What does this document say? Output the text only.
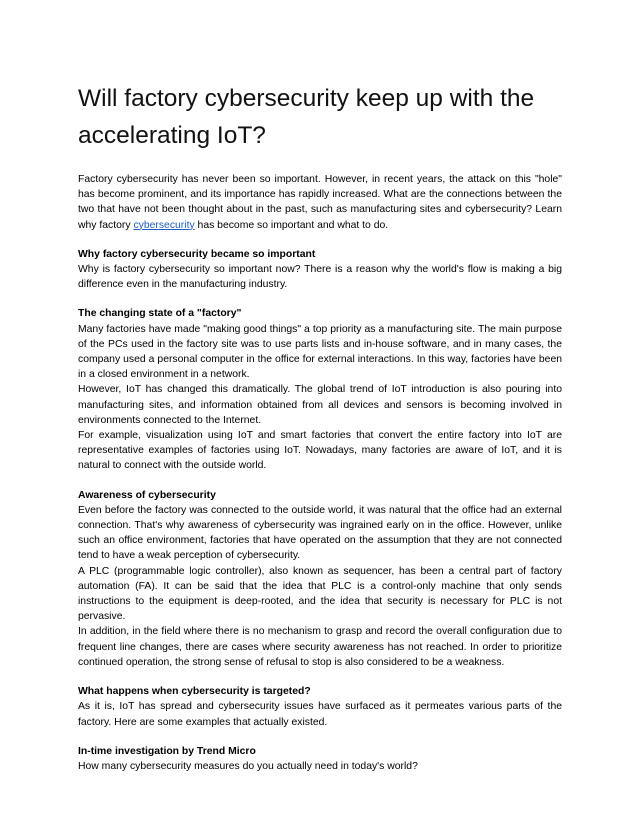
Will factory cybersecurity keep up with the accelerating IoT?

Factory cybersecurity has never been so important. However, in recent years, the attack on this "hole" has become prominent, and its importance has rapidly increased. What are the connections between the two that have not been thought about in the past, such as manufacturing sites and cybersecurity? Learn why factory cybersecurity has become so important and what to do.

Why factory cybersecurity became so important

Why is factory cybersecurity so important now? There is a reason why the world's flow is making a big difference even in the manufacturing industry.

The changing state of a "factory"

Many factories have made "making good things" a top priority as a manufacturing site. The main purpose of the PCs used in the factory site was to use parts lists and in-house software, and in many cases, the company used a personal computer in the office for external interactions. In this way, factories have been in a closed environment in a network.

However, IoT has changed this dramatically. The global trend of IoT introduction is also pouring into manufacturing sites, and information obtained from all devices and sensors is becoming involved in environments connected to the Internet.

For example, visualization using IoT and smart factories that convert the entire factory into IoT are representative examples of factories using IoT. Nowadays, many factories are aware of IoT, and it is natural to connect with the outside world.

Awareness of cybersecurity

Even before the factory was connected to the outside world, it was natural that the office had an external connection. That's why awareness of cybersecurity was ingrained early on in the office. However, unlike such an office environment, factories that have operated on the assumption that they are not connected tend to have a weak perception of cybersecurity.

A PLC (programmable logic controller), also known as sequencer, has been a central part of factory automation (FA). It can be said that the idea that PLC is a control-only machine that only sends instructions to the equipment is deep-rooted, and the idea that security is necessary for PLC is not pervasive.

In addition, in the field where there is no mechanism to grasp and record the overall configuration due to frequent line changes, there are cases where security awareness has not reached. In order to prioritize continued operation, the strong sense of refusal to stop is also considered to be a weakness.

What happens when cybersecurity is targeted?

As it is, IoT has spread and cybersecurity issues have surfaced as it permeates various parts of the factory. Here are some examples that actually existed.

In-time investigation by Trend Micro

How many cybersecurity measures do you actually need in today's world?
